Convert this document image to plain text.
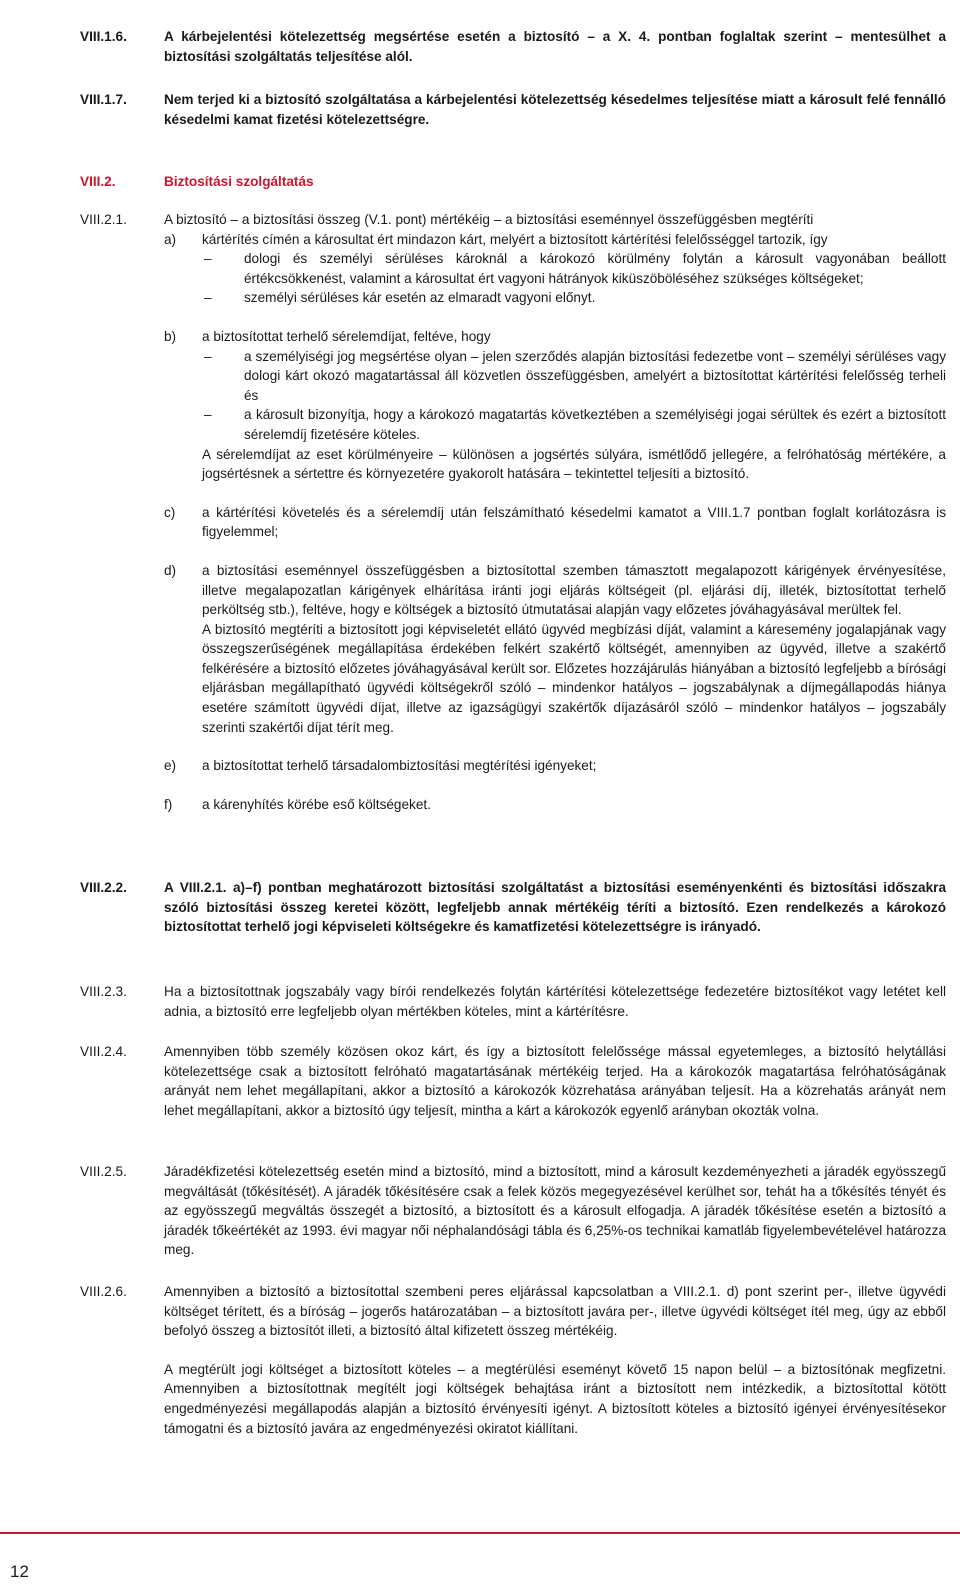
VIII.1.6.	A kárbejelentési kötelezettség megsértése esetén a biztosító – a X. 4. pontban foglaltak szerint – mentesülhet a biztosítási szolgáltatás teljesítése alól.

VIII.1.7.	Nem terjed ki a biztosító szolgáltatása a kárbejelentési kötelezettség késedelmes teljesítése miatt a károsult felé fennálló késedelmi kamat fizetési kötelezettségre.

VIII.2.	Biztosítási szolgáltatás

VIII.2.1.	A biztosító – a biztosítási összeg (V.1. pont) mértékéig – a biztosítási eseménnyel összefüggésben megtéríti

a)	kártérítés címén a károsultat ért mindazon kárt, melyért a biztosított kártérítési felelősséggel tartozik, így
–	dologi és személyi sérüléses károknál a károkozó körülmény folytán a károsult vagyonában beállott értékcsökkenést, valamint a károsultat ért vagyoni hátrányok kiküszöböléséhez szükséges költségeket;
–	személyi sérüléses kár esetén az elmaradt vagyoni előnyt.
b)	a biztosítottat terhelő sérelemdíjat, feltéve, hogy
–	a személyiségi jog megsértése olyan – jelen szerződés alapján biztosítási fedezetbe vont – személyi sérüléses vagy dologi kárt okozó magatartással áll közvetlen összefüggésben, amelyért a biztosítottat kártérítési felelősség terheli és
–	a károsult bizonyítja, hogy a károkozó magatartás következtében a személyiségi jogai sérültek és ezért a biztosított sérelemdíj fizetésére köteles.

A sérelemdíjat az eset körülményeire – különösen a jogsértés súlyára, ismétlődő jellegére, a felróhatóság mértékére, a jogsértésnek a sértettre és környezetére gyakorolt hatására – tekintettel teljesíti a biztosító.

c)	a kártérítési követelés és a sérelemdíj után felszámítható késedelmi kamatot a VIII.1.7 pontban foglalt korlátozásra is figyelemmel;
d)	a biztosítási eseménnyel összefüggésben a biztosítottal szemben támasztott megalapozott kárigények érvényesítése, illetve megalapozatlan kárigények elhárítása iránti jogi eljárás költségeit (pl. eljárási díj, illeték, biztosítottat terhelő perköltség stb.), feltéve, hogy e költségek a biztosító útmutatásai alapján vagy előzetes jóváhagyásával merültek fel.

A biztosító megtéríti a biztosított jogi képviseletét ellátó ügyvéd megbízási díját, valamint a káresemény jogalapjának vagy összegszerűségének megállapítása érdekében felkért szakértő költségét, amennyiben az ügyvéd, illetve a szakértő felkérésére a biztosító előzetes jóváhagyásával került sor. Előzetes hozzájárulás hiányában a biztosító legfeljebb a bírósági eljárásban megállapítható ügyvédi költségekről szóló – mindenkor hatályos – jogszabálynak a díjmegállapodás hiánya esetére számított ügyvédi díjat, illetve az igazságügyi szakértők díjazásáról szóló – mindenkor hatályos – jogszabály szerinti szakértői díjat térít meg.

e)	a biztosítottat terhelő társadalombiztosítási megtérítési igényeket;
f)	a kárenyhítés körébe eső költségeket.
VIII.2.2.	A VIII.2.1. a)–f) pontban meghatározott biztosítási szolgáltatást a biztosítási eseményenkénti és biztosítási időszakra szóló biztosítási összeg keretei között, legfeljebb annak mértékéig téríti a biztosító. Ezen rendelkezés a károkozó biztosítottat terhelő jogi képviseleti költségekre és kamatfizetési kötelezettségre is irányadó.

VIII.2.3.	Ha a biztosítottnak jogszabály vagy bírói rendelkezés folytán kártérítési kötelezettsége fedezetére biztosítékot vagy letétet kell adnia, a biztosító erre legfeljebb olyan mértékben köteles, mint a kártérítésre.

VIII.2.4.	Amennyiben több személy közösen okoz kárt, és így a biztosított felelőssége mással egyetemleges, a biztosító helytállási kötelezettsége csak a biztosított felróható magatartásának mértékéig terjed. Ha a károkozók magatartása felróhatóságának arányát nem lehet megállapítani, akkor a biztosító a károkozók közrehatása arányában teljesít. Ha a közrehatás arányát nem lehet megállapítani, akkor a biztosító úgy teljesít, mintha a kárt a károkozók egyenlő arányban okozták volna.

VIII.2.5.	Járadékfizetési kötelezettség esetén mind a biztosító, mind a biztosított, mind a károsult kezdeményezheti a járadék egyösszegű megváltását (tőkésítését). A járadék tőkésítésére csak a felek közös megegyezésével kerülhet sor, tehát ha a tőkésítés tényét és az egyösszegű megváltás összegét a biztosító, a biztosított és a károsult elfogadja. A járadék tőkésítése esetén a biztosító a járadék tőkeértékét az 1993. évi magyar női néphalandósági tábla és 6,25%-os technikai kamatláb figyelembevételével határozza meg.

VIII.2.6.	Amennyiben a biztosító a biztosítottal szembeni peres eljárással kapcsolatban a VIII.2.1. d) pont szerint per-, illetve ügyvédi költséget térített, és a bíróság – jogerős határozatában – a biztosított javára per-, illetve ügyvédi költséget ítél meg, úgy az ebből befolyó összeg a biztosítót illeti, a biztosító által kifizetett összeg mértékéig.

A megtérült jogi költséget a biztosított köteles – a megtérülési eseményt követő 15 napon belül – a biztosítónak megfizetni. Amennyiben a biztosítottnak megítélt jogi költségek behajtása iránt a biztosított nem intézkedik, a biztosítottal kötött engedményezési megállapodás alapján a biztosító érvényesíti igényt. A biztosított köteles a biztosító igényei érvényesítésekor támogatni és a biztosító javára az engedményezési okiratot kiállítani.

12
